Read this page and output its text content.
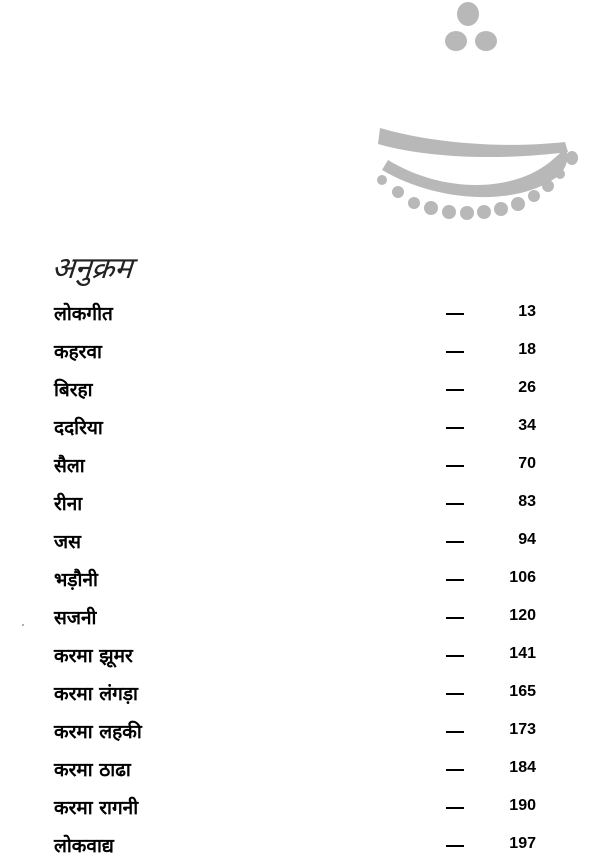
अनुक्रम
लोकगीत	13
कहरवा	18
बिरहा	26
ददरिया	34
सैला	70
रीना	83
जस	94
भड़ौनी	106
सजनी	120
करमा झूमर	141
करमा लंगड़ा	165
करमा लहकी	173
करमा ठाढा	184
करमा रागनी	190
लोकवाद्य	197
